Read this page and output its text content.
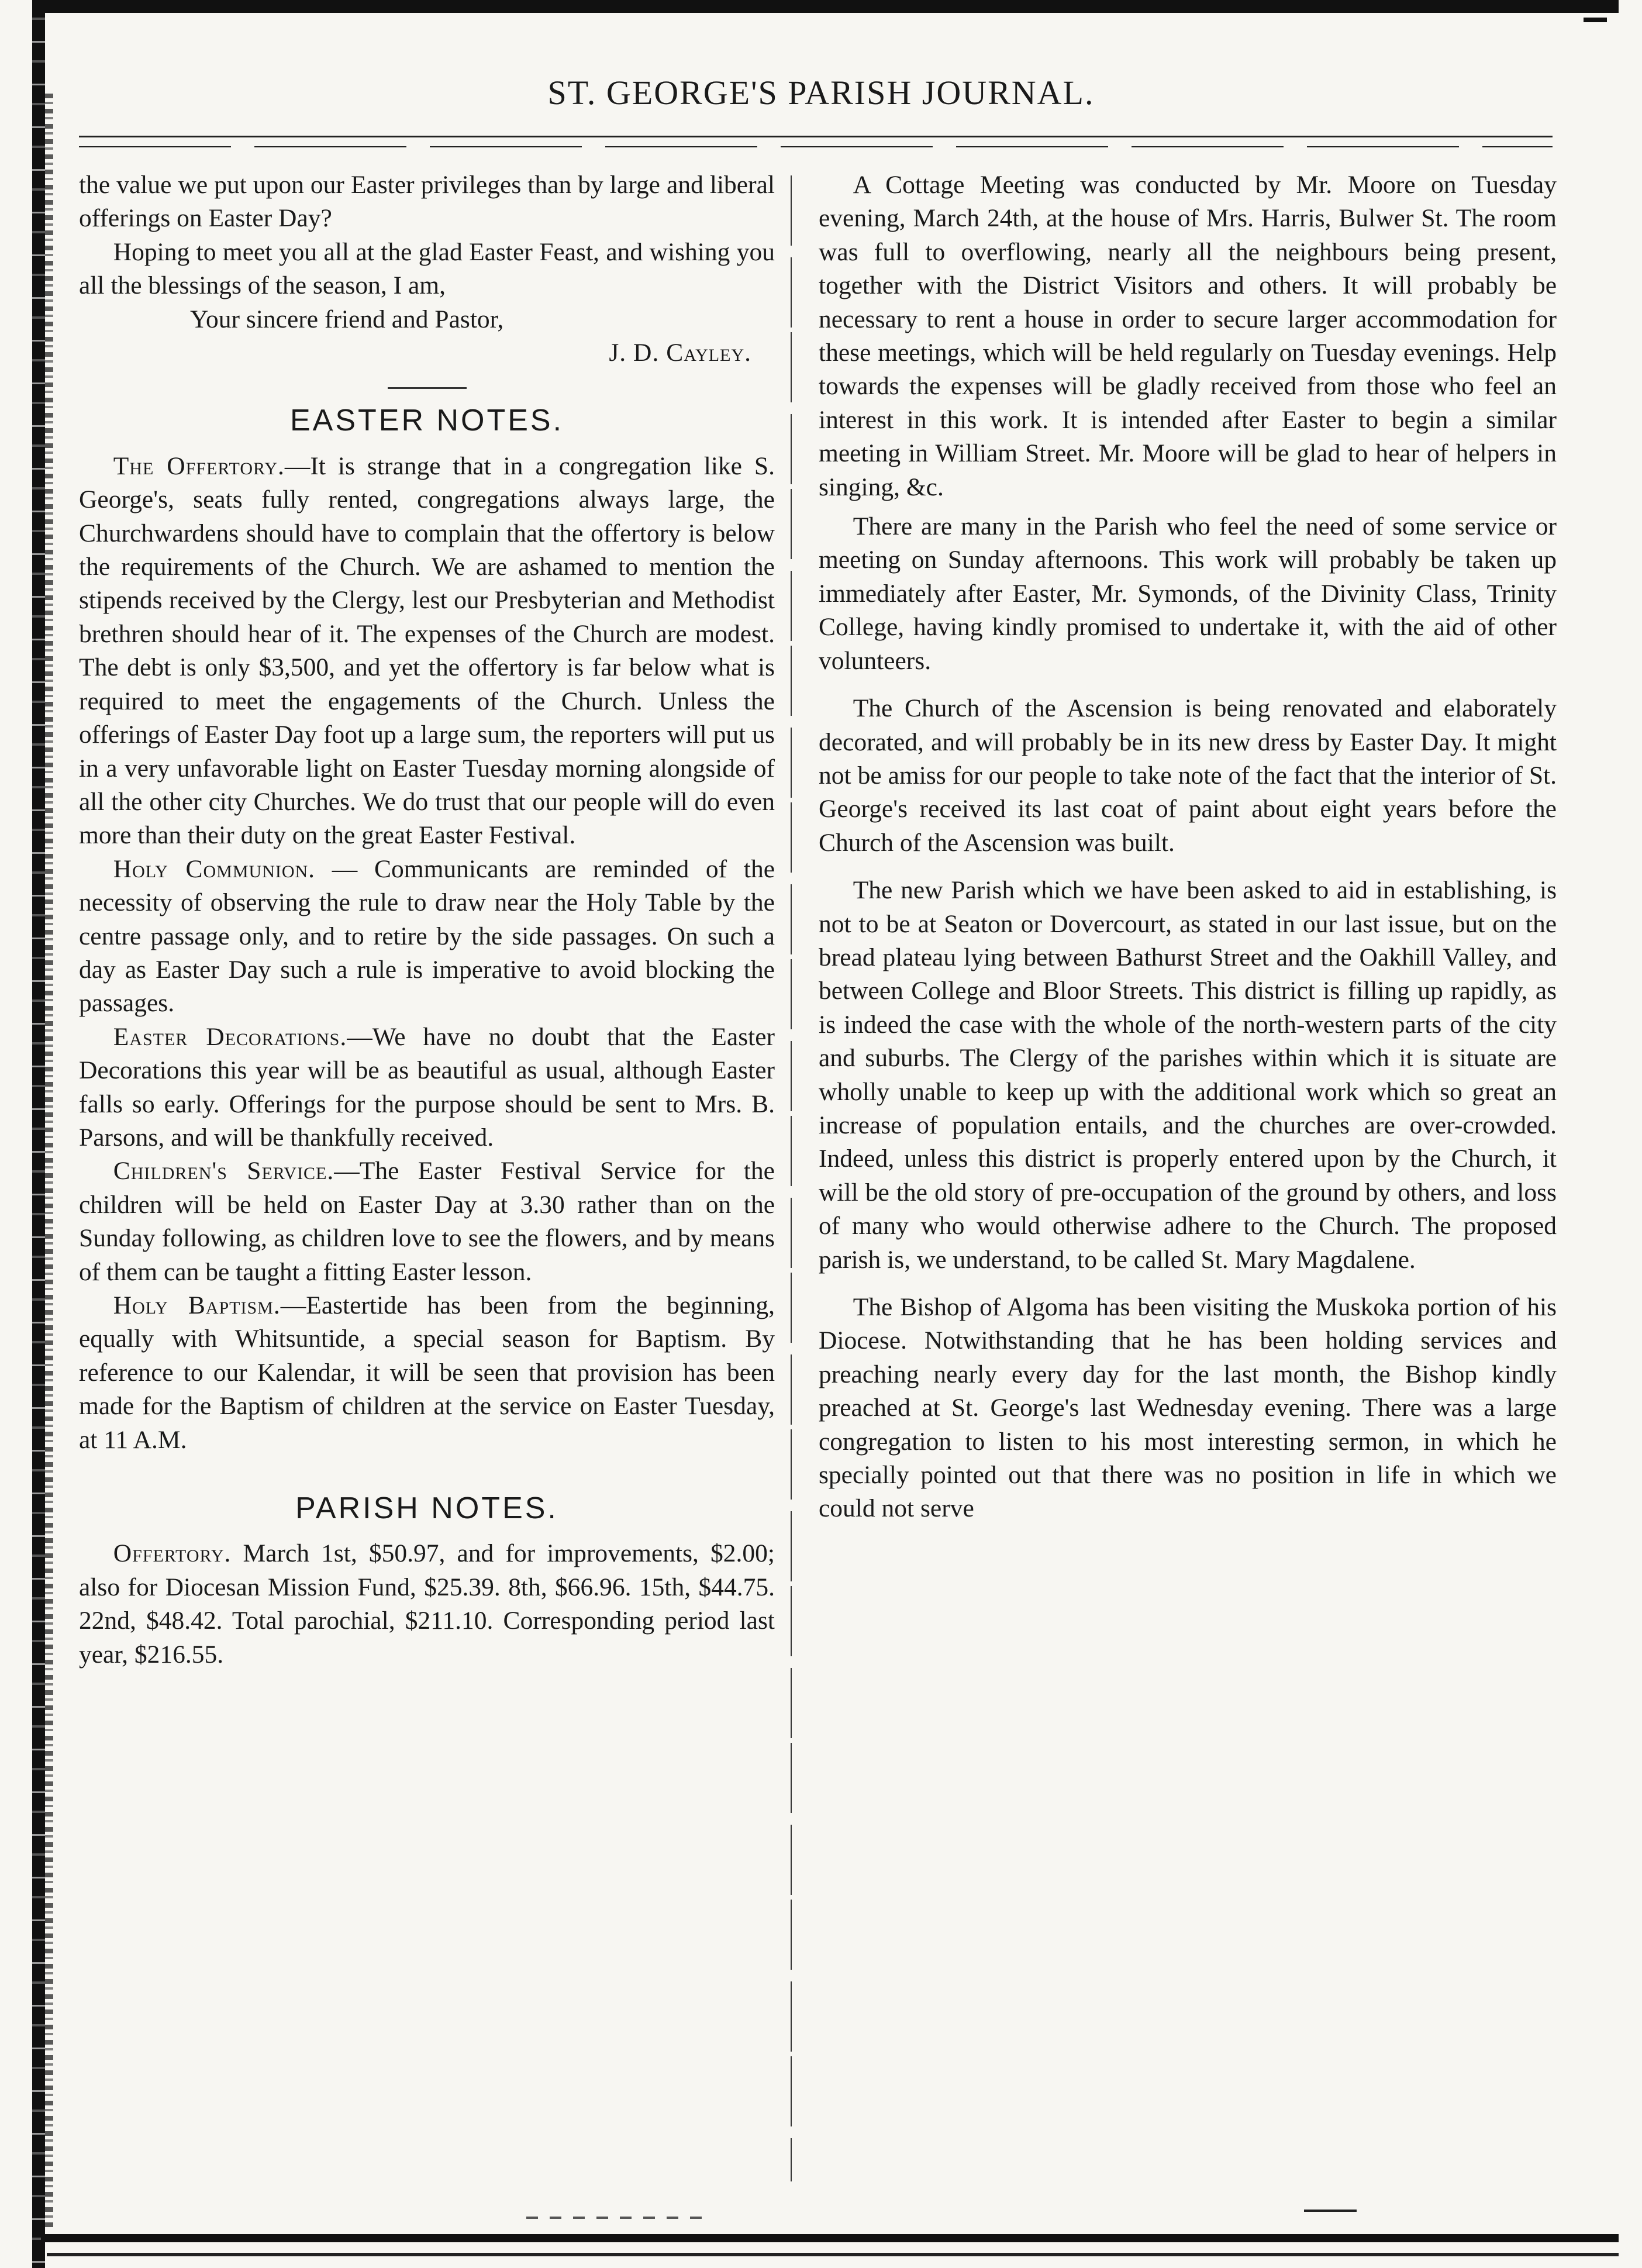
ST. GEORGE'S PARISH JOURNAL.

the value we put upon our Easter privileges than by large and liberal offerings on Easter Day?

Hoping to meet you all at the glad Easter Feast, and wishing you all the blessings of the season, I am,

Your sincere friend and Pastor,

J. D. Cayley.

EASTER NOTES.

The Offertory.—It is strange that in a congregation like S. George's, seats fully rented, congregations always large, the Churchwardens should have to complain that the offertory is below the requirements of the Church. We are ashamed to mention the stipends received by the Clergy, lest our Presbyterian and Methodist brethren should hear of it. The expenses of the Church are modest. The debt is only $3,500, and yet the offertory is far below what is required to meet the engagements of the Church. Unless the offerings of Easter Day foot up a large sum, the reporters will put us in a very unfavorable light on Easter Tuesday morning alongside of all the other city Churches. We do trust that our people will do even more than their duty on the great Easter Festival.

Holy Communion. — Communicants are reminded of the necessity of observing the rule to draw near the Holy Table by the centre passage only, and to retire by the side passages. On such a day as Easter Day such a rule is imperative to avoid blocking the passages.

Easter Decorations.—We have no doubt that the Easter Decorations this year will be as beautiful as usual, although Easter falls so early. Offerings for the purpose should be sent to Mrs. B. Parsons, and will be thankfully received.

Children's Service.—The Easter Festival Service for the children will be held on Easter Day at 3.30 rather than on the Sunday following, as children love to see the flowers, and by means of them can be taught a fitting Easter lesson.

Holy Baptism.—Eastertide has been from the beginning, equally with Whitsuntide, a special season for Baptism. By reference to our Kalendar, it will be seen that provision has been made for the Baptism of children at the service on Easter Tuesday, at 11 A.M.

PARISH NOTES.

Offertory. March 1st, $50.97, and for improvements, $2.00; also for Diocesan Mission Fund, $25.39. 8th, $66.96. 15th, $44.75. 22nd, $48.42. Total parochial, $211.10. Corresponding period last year, $216.55.

A Cottage Meeting was conducted by Mr. Moore on Tuesday evening, March 24th, at the house of Mrs. Harris, Bulwer St. The room was full to overflowing, nearly all the neighbours being present, together with the District Visitors and others. It will probably be necessary to rent a house in order to secure larger accommodation for these meetings, which will be held regularly on Tuesday evenings. Help towards the expenses will be gladly received from those who feel an interest in this work. It is intended after Easter to begin a similar meeting in William Street. Mr. Moore will be glad to hear of helpers in singing, &c.

There are many in the Parish who feel the need of some service or meeting on Sunday afternoons. This work will probably be taken up immediately after Easter, Mr. Symonds, of the Divinity Class, Trinity College, having kindly promised to undertake it, with the aid of other volunteers.

The Church of the Ascension is being renovated and elaborately decorated, and will probably be in its new dress by Easter Day. It might not be amiss for our people to take note of the fact that the interior of St. George's received its last coat of paint about eight years before the Church of the Ascension was built.

The new Parish which we have been asked to aid in establishing, is not to be at Seaton or Dovercourt, as stated in our last issue, but on the bread plateau lying between Bathurst Street and the Oakhill Valley, and between College and Bloor Streets. This district is filling up rapidly, as is indeed the case with the whole of the north-western parts of the city and suburbs. The Clergy of the parishes within which it is situate are wholly unable to keep up with the additional work which so great an increase of population entails, and the churches are over-crowded. Indeed, unless this district is properly entered upon by the Church, it will be the old story of pre-occupation of the ground by others, and loss of many who would otherwise adhere to the Church. The proposed parish is, we understand, to be called St. Mary Magdalene.

The Bishop of Algoma has been visiting the Muskoka portion of his Diocese. Notwithstanding that he has been holding services and preaching nearly every day for the last month, the Bishop kindly preached at St. George's last Wednesday evening. There was a large congregation to listen to his most interesting sermon, in which he specially pointed out that there was no position in life in which we could not serve
